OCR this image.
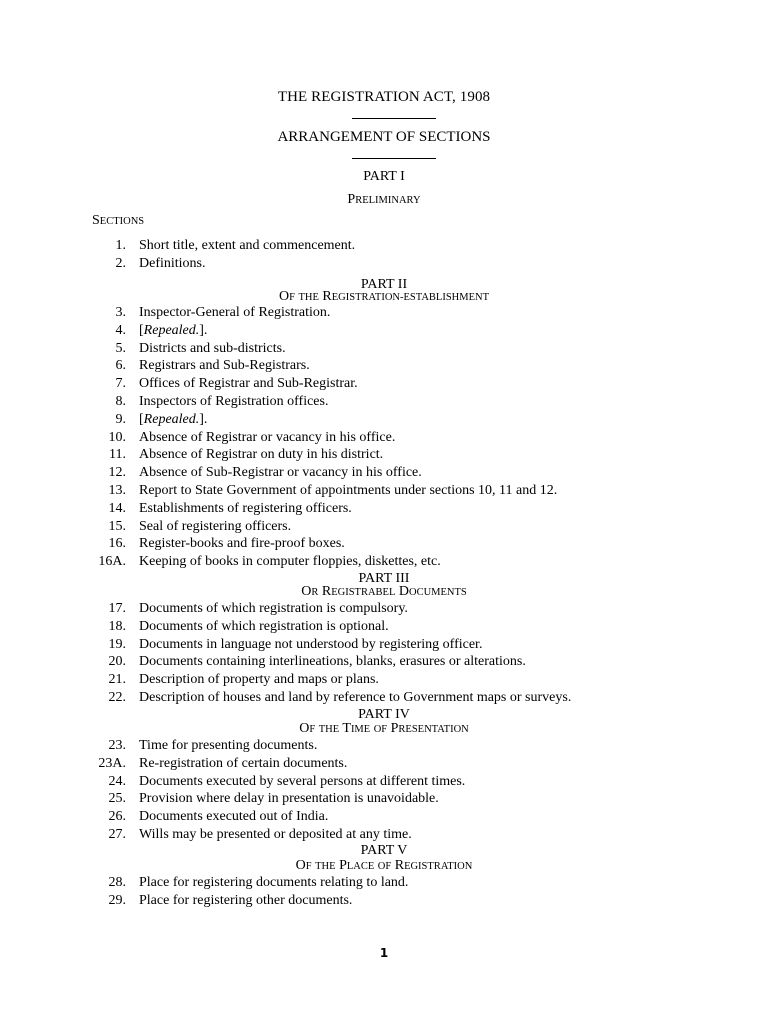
THE REGISTRATION ACT, 1908
ARRANGEMENT OF SECTIONS
SECTIONS
PART I
PRELIMINARY
1. Short title, extent and commencement.
2. Definitions.
PART II
OF THE REGISTRATION-ESTABLISHMENT
3. Inspector-General of Registration.
4. [Repealed.].
5. Districts and sub-districts.
6. Registrars and Sub-Registrars.
7. Offices of Registrar and Sub-Registrar.
8. Inspectors of Registration offices.
9. [Repealed.].
10. Absence of Registrar or vacancy in his office.
11. Absence of Registrar on duty in his district.
12. Absence of Sub-Registrar or vacancy in his office.
13. Report to State Government of appointments under sections 10, 11 and 12.
14. Establishments of registering officers.
15. Seal of registering officers.
16. Register-books and fire-proof boxes.
16A. Keeping of books in computer floppies, diskettes, etc.
PART III
OR REGISTRABEL DOCUMENTS
17. Documents of which registration is compulsory.
18. Documents of which registration is optional.
19. Documents in language not understood by registering officer.
20. Documents containing interlineations, blanks, erasures or alterations.
21. Description of property and maps or plans.
22. Description of houses and land by reference to Government maps or surveys.
PART IV
OF THE TIME OF PRESENTATION
23. Time for presenting documents.
23A. Re-registration of certain documents.
24. Documents executed by several persons at different times.
25. Provision where delay in presentation is unavoidable.
26. Documents executed out of India.
27. Wills may be presented or deposited at any time.
PART V
OF THE PLACE OF REGISTRATION
28. Place for registering documents relating to land.
29. Place for registering other documents.
1
